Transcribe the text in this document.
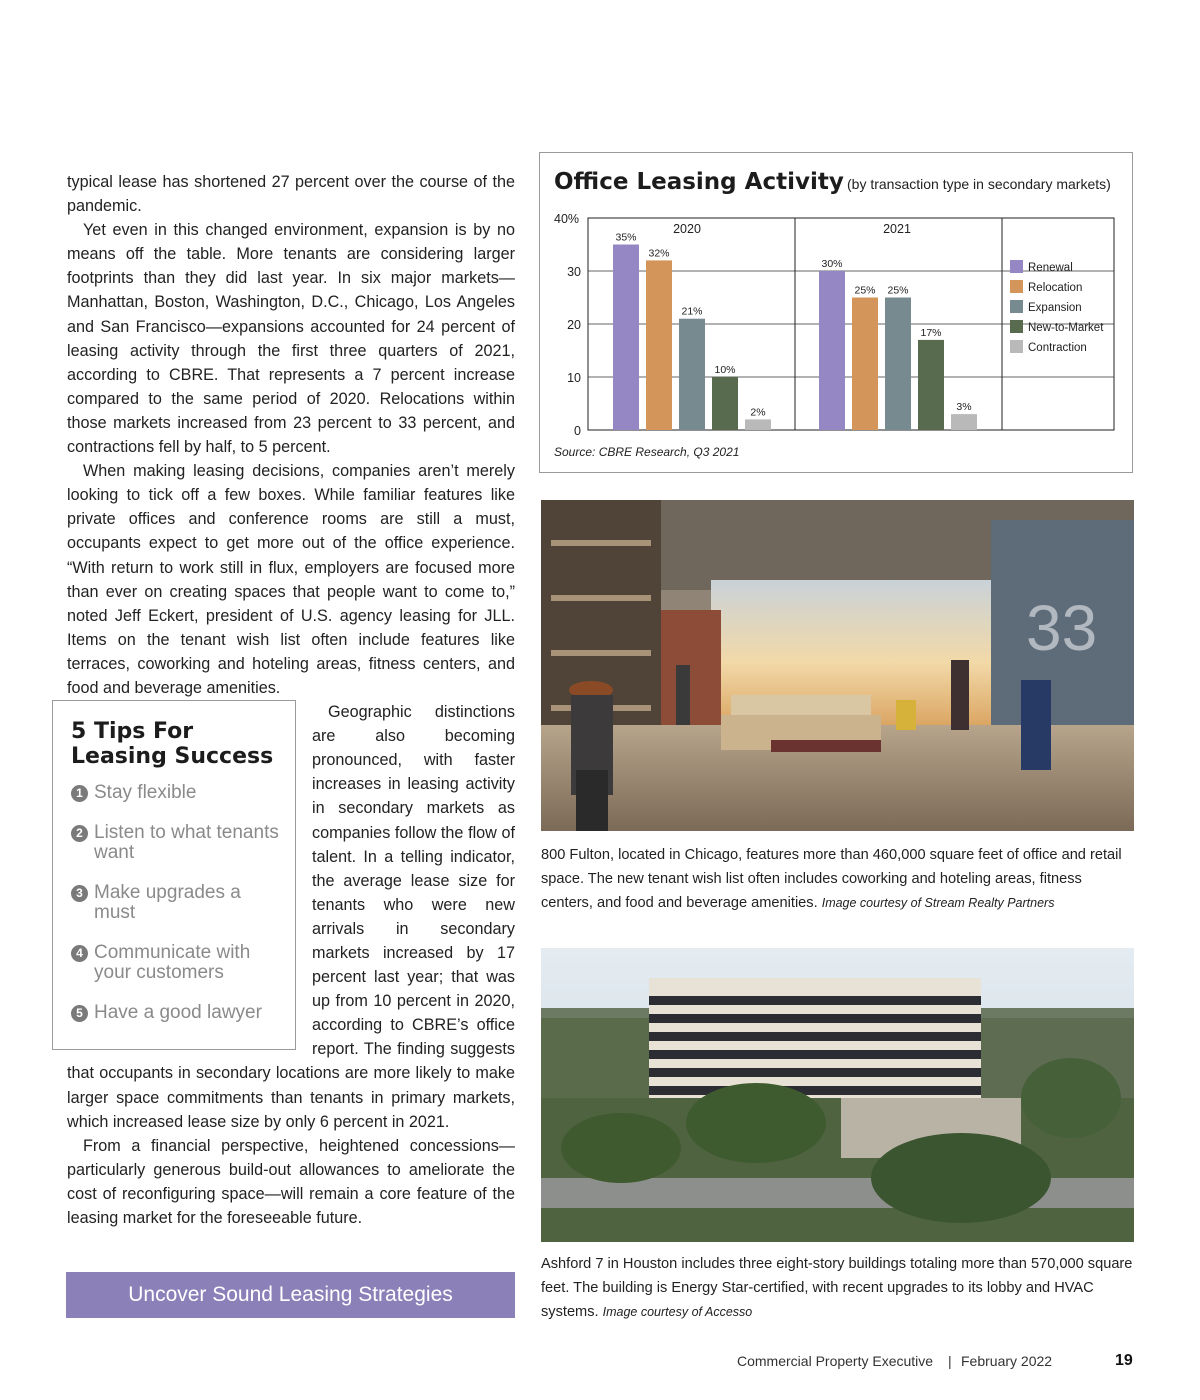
typical lease has shortened 27 percent over the course of the pandemic.

Yet even in this changed environment, expansion is by no means off the table. More tenants are considering larger footprints than they did last year. In six major markets—Manhattan, Boston, Washington, D.C., Chicago, Los Angeles and San Francisco—expansions accounted for 24 percent of leasing activity through the first three quarters of 2021, according to CBRE. That represents a 7 percent increase compared to the same period of 2020. Relocations within those markets increased from 23 percent to 33 percent, and contractions fell by half, to 5 percent.

When making leasing decisions, companies aren’t merely looking to tick off a few boxes. While familiar features like private offices and conference rooms are still a must, occupants expect to get more out of the office experience. “With return to work still in flux, employers are focused more than ever on creating spaces that people want to come to,” noted Jeff Eckert, president of U.S. agency leasing for JLL. Items on the tenant wish list often include features like terraces, coworking and hoteling areas, fitness centers, and food and beverage amenities.

5 Tips For Leasing Success
1 Stay flexible
2 Listen to what tenants want
3 Make upgrades a must
4 Communicate with your customers
5 Have a good lawyer

Geographic distinctions are also becoming pronounced, with faster increases in leasing activity in secondary markets as companies follow the flow of talent. In a telling indicator, the average lease size for tenants who were new arrivals in secondary markets increased by 17 percent last year; that was up from 10 percent in 2020, according to CBRE’s office report. The finding suggests that occupants in secondary locations are more likely to make larger space commitments than tenants in primary markets, which increased lease size by only 6 percent in 2021.

From a financial perspective, heightened concessions—particularly generous build-out allowances to ameliorate the cost of reconfiguring space—will remain a core feature of the leasing market for the foreseeable future.

Uncover Sound Leasing Strategies
Office Leasing Activity (by transaction type in secondary markets)
Source: CBRE Research, Q3 2021
0
10
20
30
40%
2020
35%
32%
21%
10%
2%
2021
30%
25% 25%
17%
3%
Renewal
Relocation
Expansion
New-to-Market
Contraction
33
800 Fulton, located in Chicago, features more than 460,000 square feet of office and retail space. The new tenant wish list often includes coworking and hoteling areas, fitness centers, and food and beverage amenities. Image courtesy of Stream Realty Partners
Ashford 7 in Houston includes three eight-story buildings totaling more than 570,000 square feet. The building is Energy Star-certified, with recent upgrades to its lobby and HVAC systems. Image courtesy of Accesso
Commercial Property Executive | February 2022	19
